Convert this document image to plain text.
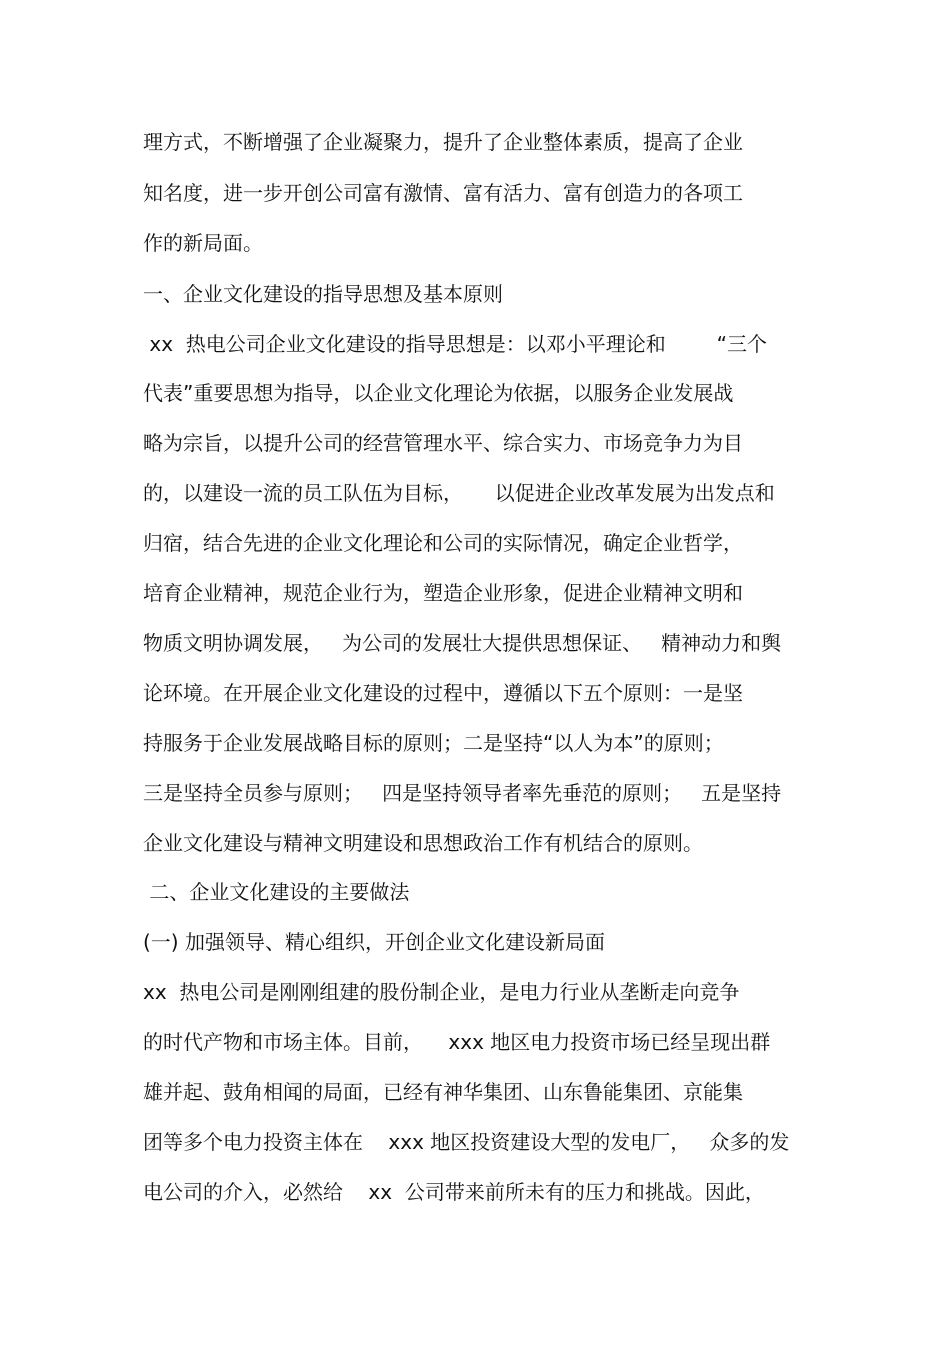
理方式，不断增强了企业凝聚力，提升了企业整体素质，提高了企业
知名度，进一步开创公司富有激情、富有活力、富有创造力的各项工
作的新局面。
一、企业文化建设的指导思想及基本原则
xx  热电公司企业文化建设的指导思想是：以邓小平理论和        “三个
代表”重要思想为指导，以企业文化理论为依据，以服务企业发展战
略为宗旨，以提升公司的经营管理水平、综合实力、市场竞争力为目
的，以建设一流的员工队伍为目标，     以促进企业改革发展为出发点和
归宿，结合先进的企业文化理论和公司的实际情况，确定企业哲学，
培育企业精神，规范企业行为，塑造企业形象，促进企业精神文明和
物质文明协调发展，   为公司的发展壮大提供思想保证、   精神动力和舆
论环境。在开展企业文化建设的过程中，遵循以下五个原则：一是坚
持服务于企业发展战略目标的原则；二是坚持“以人为本”的原则；
三是坚持全员参与原则；   四是坚持领导者率先垂范的原则；   五是坚持
企业文化建设与精神文明建设和思想政治工作有机结合的原则。
二、企业文化建设的主要做法
(一) 加强领导、精心组织，开创企业文化建设新局面
xx  热电公司是刚刚组建的股份制企业，是电力行业从垄断走向竞争
的时代产物和市场主体。目前，    xxx 地区电力投资市场已经呈现出群
雄并起、鼓角相闻的局面，已经有神华集团、山东鲁能集团、京能集
团等多个电力投资主体在    xxx 地区投资建设大型的发电厂，   众多的发
电公司的介入，必然给    xx  公司带来前所未有的压力和挑战。因此，
